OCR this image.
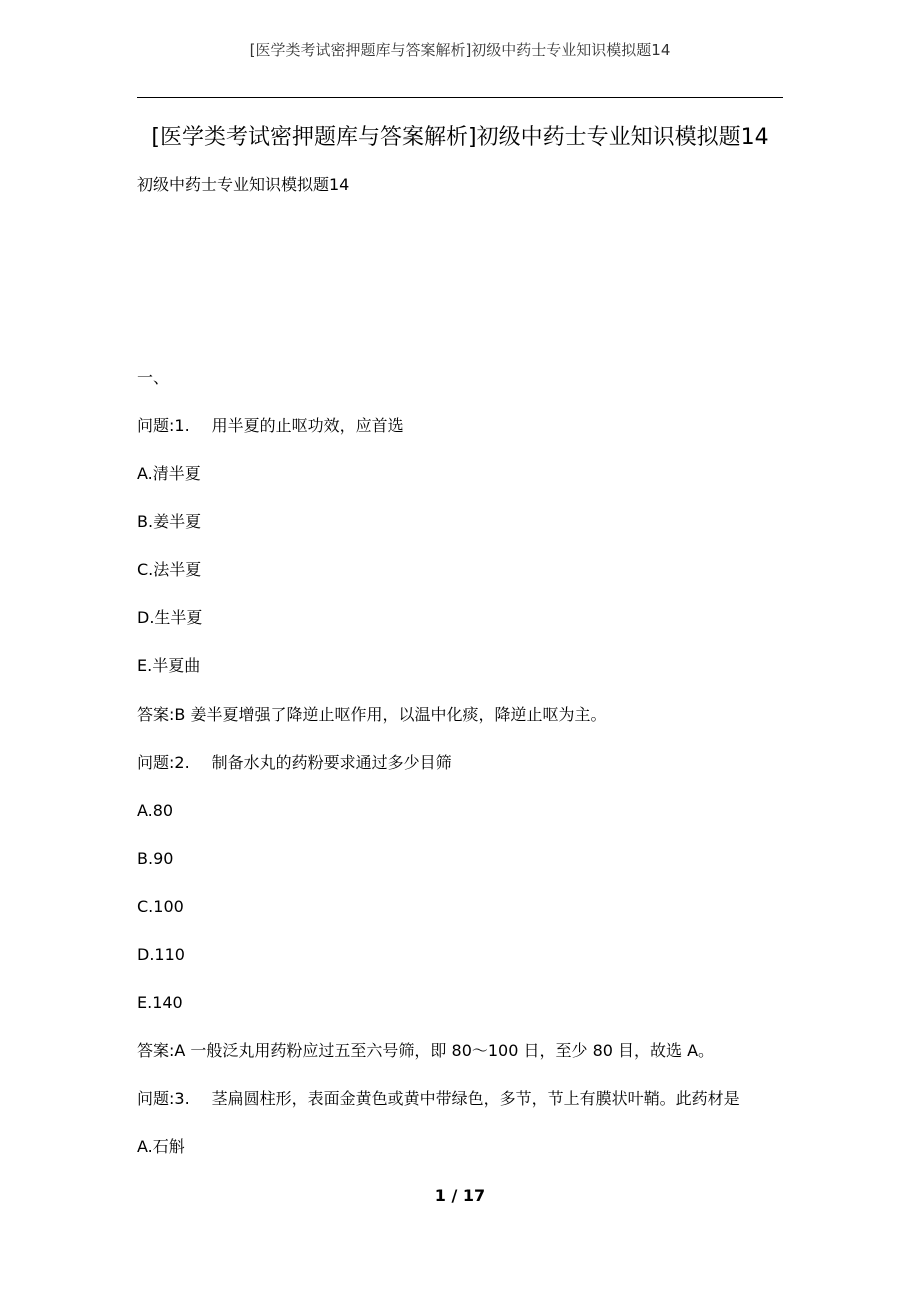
[医学类考试密押题库与答案解析]初级中药士专业知识模拟题14
[医学类考试密押题库与答案解析]初级中药士专业知识模拟题14
初级中药士专业知识模拟题14
一、
问题:1. 用半夏的止呕功效，应首选
A.清半夏
B.姜半夏
C.法半夏
D.生半夏
E.半夏曲
答案:B 姜半夏增强了降逆止呕作用，以温中化痰，降逆止呕为主。
问题:2. 制备水丸的药粉要求通过多少目筛
A.80
B.90
C.100
D.110
E.140
答案:A 一般泛丸用药粉应过五至六号筛，即 80～100 日，至少 80 目，故选 A。
问题:3. 茎扁圆柱形，表面金黄色或黄中带绿色，多节，节上有膜状叶鞘。此药材是
A.石斛
1 / 17
